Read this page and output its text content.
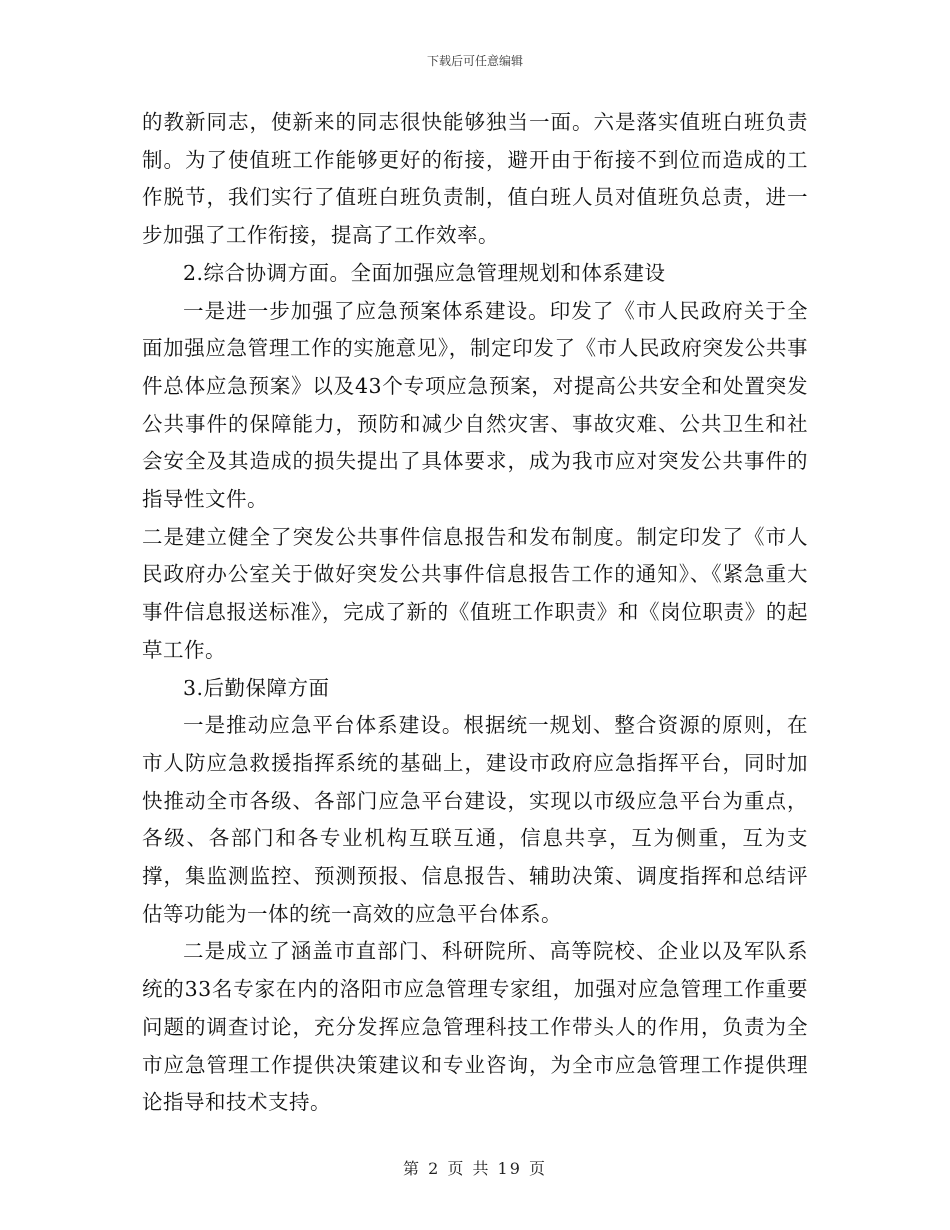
下载后可任意编辑

的教新同志，使新来的同志很快能够独当一面。六是落实值班白班负责制。为了使值班工作能够更好的衔接，避开由于衔接不到位而造成的工作脱节，我们实行了值班白班负责制，值白班人员对值班负总责，进一步加强了工作衔接，提高了工作效率。

2.综合协调方面。全面加强应急管理规划和体系建设

一是进一步加强了应急预案体系建设。印发了《市人民政府关于全面加强应急管理工作的实施意见》，制定印发了《市人民政府突发公共事件总体应急预案》以及43个专项应急预案，对提高公共安全和处置突发公共事件的保障能力，预防和减少自然灾害、事故灾难、公共卫生和社会安全及其造成的损失提出了具体要求，成为我市应对突发公共事件的指导性文件。

二是建立健全了突发公共事件信息报告和发布制度。制定印发了《市人民政府办公室关于做好突发公共事件信息报告工作的通知》、《紧急重大事件信息报送标准》，完成了新的《值班工作职责》和《岗位职责》的起草工作。

3.后勤保障方面

一是推动应急平台体系建设。根据统一规划、整合资源的原则，在市人防应急救援指挥系统的基础上，建设市政府应急指挥平台，同时加快推动全市各级、各部门应急平台建设，实现以市级应急平台为重点，各级、各部门和各专业机构互联互通，信息共享，互为侧重，互为支撑，集监测监控、预测预报、信息报告、辅助决策、调度指挥和总结评估等功能为一体的统一高效的应急平台体系。

二是成立了涵盖市直部门、科研院所、高等院校、企业以及军队系统的33名专家在内的洛阳市应急管理专家组，加强对应急管理工作重要问题的调查讨论，充分发挥应急管理科技工作带头人的作用，负责为全市应急管理工作提供决策建议和专业咨询，为全市应急管理工作提供理论指导和技术支持。

第 2 页 共 19 页
